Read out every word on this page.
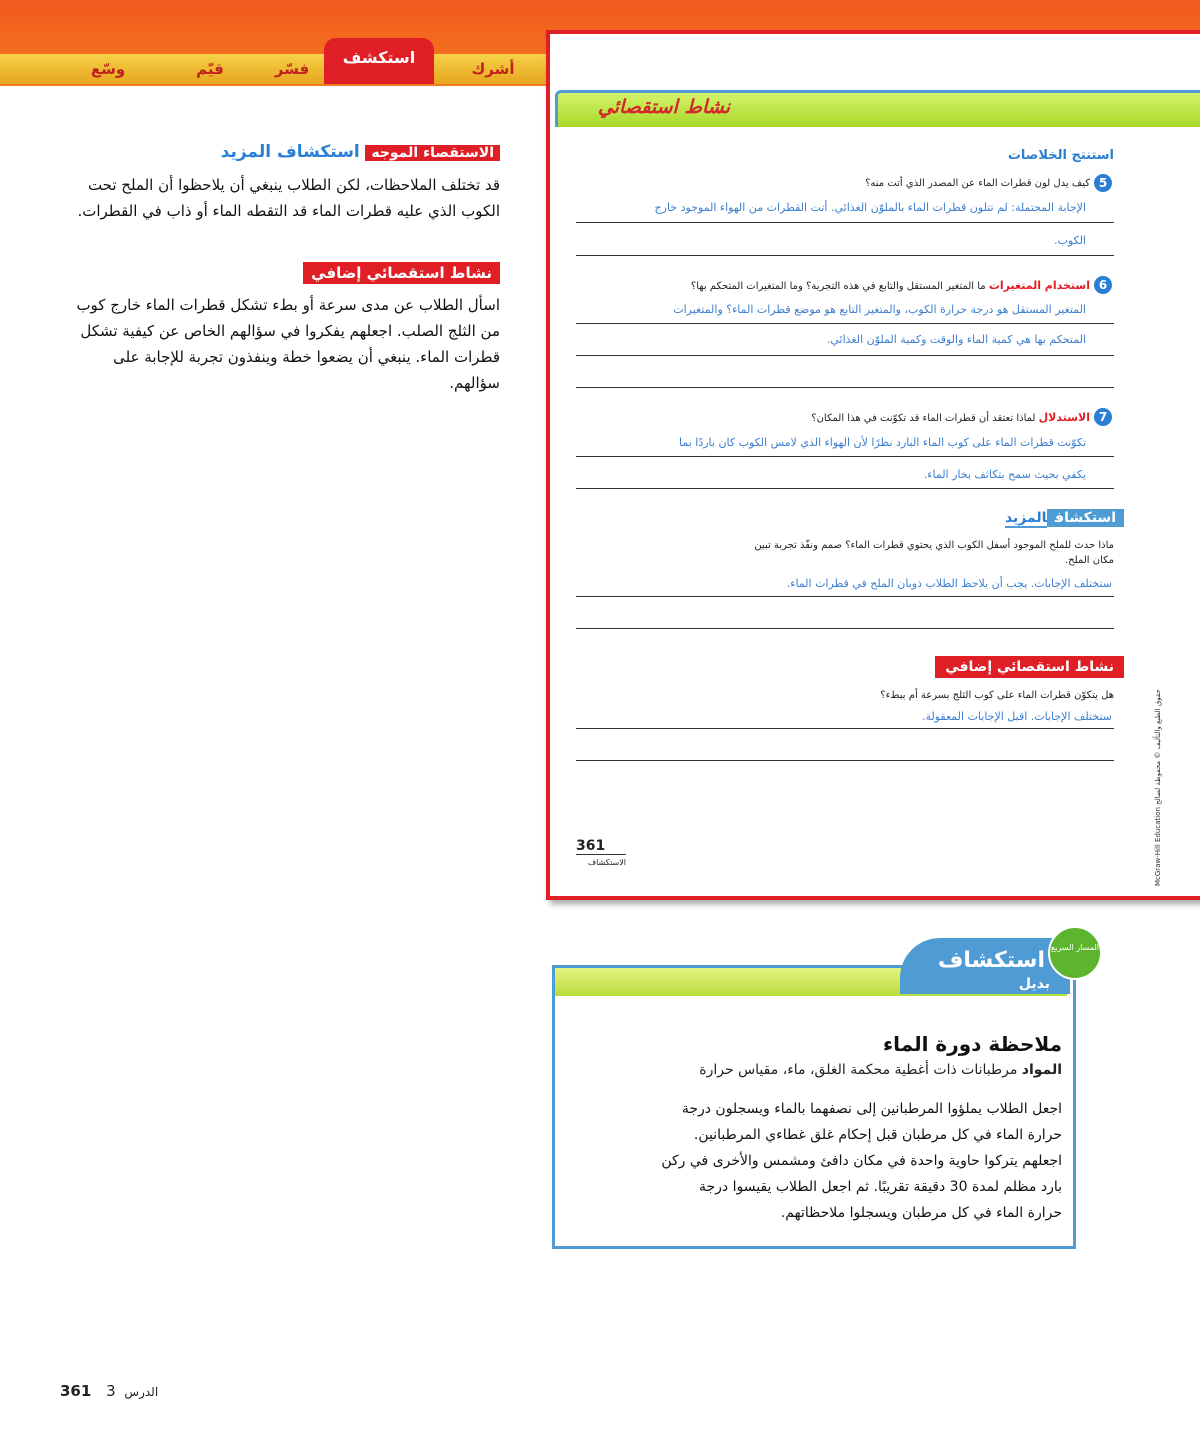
أشرك
استكشف
فسّر
قيّم
وسّع
نشاط استقصائي
استنتج الخلاصات
5
كيف يدل لون قطرات الماء عن المصدر الذي أتت منه؟
الإجابة المحتملة: لم تتلون قطرات الماء بالملوّن الغذائي. أتت القطرات من الهواء الموجود خارج
الكوب.
6
استخدام المتغيرات ما المتغير المستقل والتابع في هذه التجربة؟ وما المتغيرات المتحكم بها؟
المتغير المستقل هو درجة حرارة الكوب، والمتغير التابع هو موضع قطرات الماء؟ والمتغيرات
المتحكم بها هي كمية الماء والوقت وكمية الملوّن الغذائي.
7
الاستدلال لماذا تعتقد أن قطرات الماء قد تكوّنت في هذا المكان؟
تكوّنت قطرات الماء على كوب الماء البارد نظرًا لأن الهواء الذي لامس الكوب كان باردًا بما
يكفي بحيث سمح بتكاثف بخار الماء.
استكشافالمزيد
ماذا حدث للملح الموجود أسفل الكوب الذي يحتوي قطرات الماء؟ صمم ونفّذ تجربة تبين
مكان الملح.
ستختلف الإجابات. يجب أن يلاحظ الطلاب ذوبان الملح في قطرات الماء.
نشاط استقصائي إضافي
هل يتكوّن قطرات الماء على كوب الثلج بسرعة أم ببطء؟
ستختلف الإجابات. اقبل الإجابات المعقولة.
361
الاستكشاف	McGraw-Hill Education حقوق الطبع والتأليف © محفوظة لصالح
الاستقصاء الموجه استكشاف المزيد
قد تختلف الملاحظات، لكن الطلاب ينبغي أن يلاحظوا أن الملح تحت الكوب الذي عليه قطرات الماء قد التقطه الماء أو ذاب في القطرات.
نشاط استقصائي إضافي
اسأل الطلاب عن مدى سرعة أو بطء تشكل قطرات الماء خارج كوب من الثلج الصلب. اجعلهم يفكروا في سؤالهم الخاص عن كيفية تشكل قطرات الماء. ينبغي أن يضعوا خطة وينفذون تجربة للإجابة على سؤالهم.
استكشاف
بديل
المسار السريع
ملاحظة دورة الماء
المواد مرطبانات ذات أغطية محكمة الغلق، ماء، مقياس حرارة
اجعل الطلاب يملؤوا المرطبانين إلى نصفهما بالماء ويسجلون درجة
حرارة الماء في كل مرطبان قبل إحكام غلق غطاءي المرطبانين.
اجعلهم يتركوا حاوية واحدة في مكان دافئ ومشمس والأخرى في ركن
بارد مظلم لمدة 30 دقيقة تقريبًا. ثم اجعل الطلاب يقيسوا درجة
حرارة الماء في كل مرطبان ويسجلوا ملاحظاتهم.
361 3 الدرس
